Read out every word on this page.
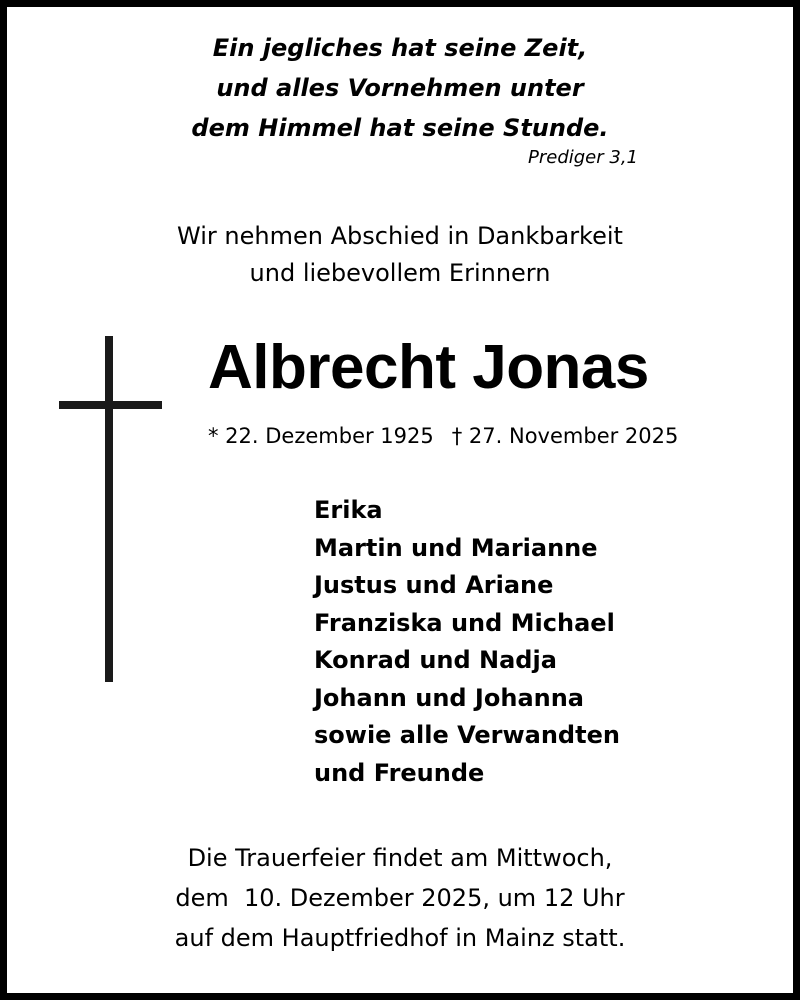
Ein jegliches hat seine Zeit,
und alles Vornehmen unter
dem Himmel hat seine Stunde.
Prediger 3,1
Wir nehmen Abschied in Dankbarkeit
und liebevollem Erinnern
Albrecht Jonas
* 22. Dezember 1925 † 27. November 2025
Erika
Martin und Marianne
Justus und Ariane
Franziska und Michael
Konrad und Nadja
Johann und Johanna
sowie alle Verwandten
und Freunde
Die Trauerfeier findet am Mittwoch,
dem  10. Dezember 2025, um 12 Uhr
auf dem Hauptfriedhof in Mainz statt.
